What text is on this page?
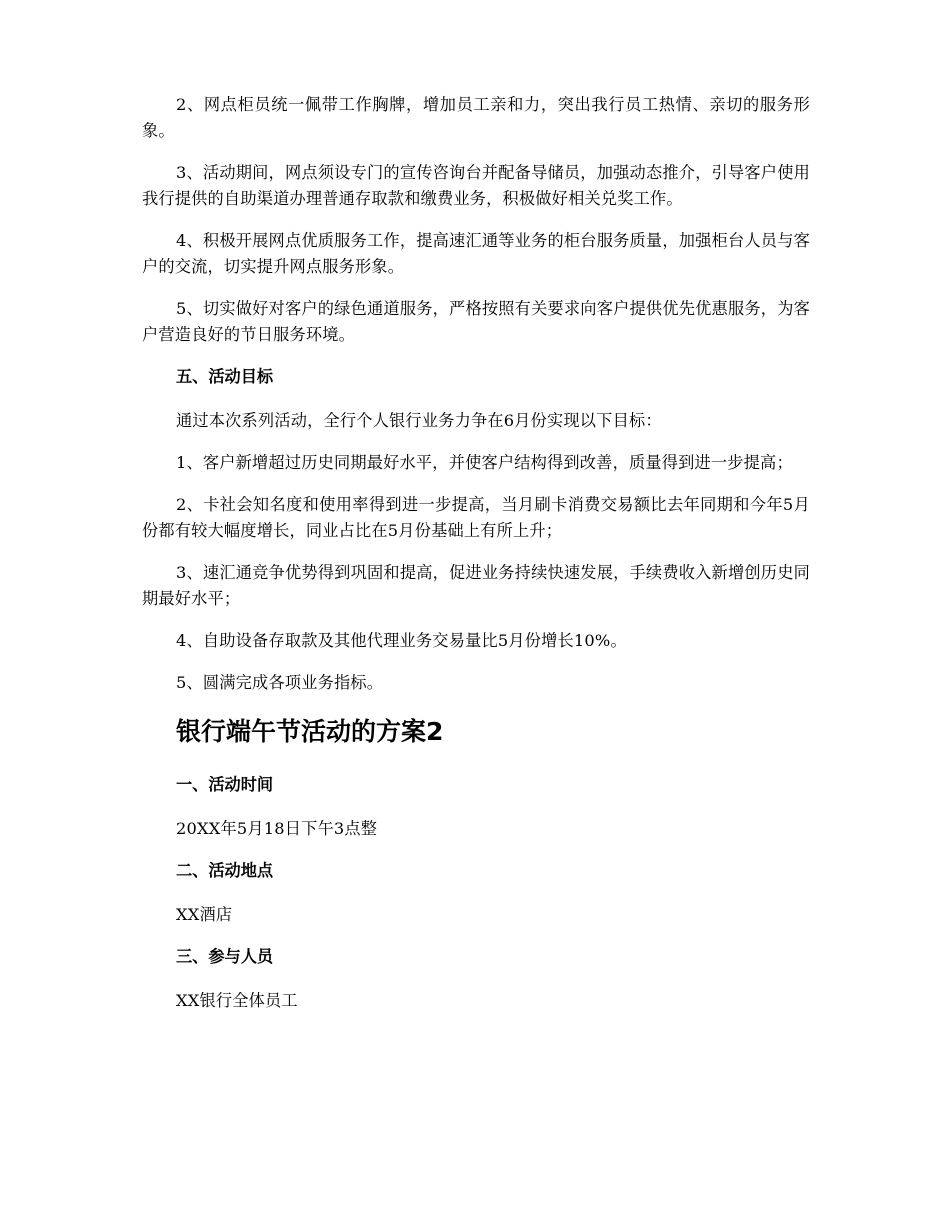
2、网点柜员统一佩带工作胸牌，增加员工亲和力，突出我行员工热情、亲切的服务形象。

3、活动期间，网点须设专门的宣传咨询台并配备导储员，加强动态推介，引导客户使用我行提供的自助渠道办理普通存取款和缴费业务，积极做好相关兑奖工作。

4、积极开展网点优质服务工作，提高速汇通等业务的柜台服务质量，加强柜台人员与客户的交流，切实提升网点服务形象。

5、切实做好对客户的绿色通道服务，严格按照有关要求向客户提供优先优惠服务，为客户营造良好的节日服务环境。

五、活动目标

通过本次系列活动，全行个人银行业务力争在6月份实现以下目标：

1、客户新增超过历史同期最好水平，并使客户结构得到改善，质量得到进一步提高；

2、卡社会知名度和使用率得到进一步提高，当月刷卡消费交易额比去年同期和今年5月份都有较大幅度增长，同业占比在5月份基础上有所上升；

3、速汇通竞争优势得到巩固和提高，促进业务持续快速发展，手续费收入新增创历史同期最好水平；

4、自助设备存取款及其他代理业务交易量比5月份增长10%。

5、圆满完成各项业务指标。

银行端午节活动的方案2
一、活动时间

20XX年5月18日下午3点整

二、活动地点

XX酒店

三、参与人员

XX银行全体员工
